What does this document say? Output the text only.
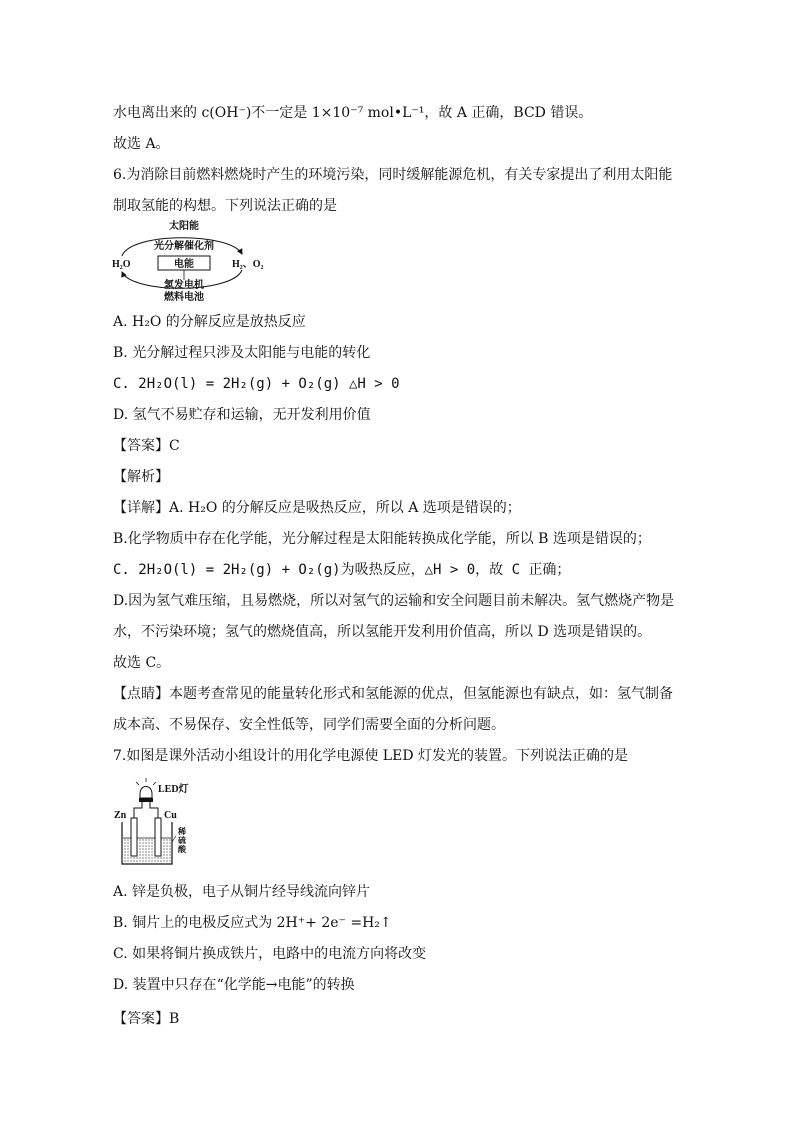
水电离出来的 c(OH⁻)不一定是 1×10⁻⁷ mol•L⁻¹，故 A 正确，BCD 错误。
故选 A。
6.为消除目前燃料燃烧时产生的环境污染，同时缓解能源危机，有关专家提出了利用太阳能
制取氢能的构想。下列说法正确的是
太阳能
光分解催化剂
电能
H₂O	H₂、O₂
氢发电机
燃料电池
A. H₂O 的分解反应是放热反应
B. 光分解过程只涉及太阳能与电能的转化
C. 2H₂O(l) = 2H₂(g) + O₂(g) △H > 0
D. 氢气不易贮存和运输，无开发利用价值
【答案】C
【解析】
【详解】A. H₂O 的分解反应是吸热反应，所以 A 选项是错误的；
B.化学物质中存在化学能，光分解过程是太阳能转换成化学能，所以 B 选项是错误的；
C. 2H₂O(l) = 2H₂(g) + O₂(g)为吸热反应，△H > 0，故 C 正确；
D.因为氢气难压缩，且易燃烧，所以对氢气的运输和安全问题目前未解决。氢气燃烧产物是
水，不污染环境；氢气的燃烧值高，所以氢能开发利用价值高，所以 D 选项是错误的。
故选 C。
【点睛】本题考查常见的能量转化形式和氢能源的优点，但氢能源也有缺点，如：氢气制备
成本高、不易保存、安全性低等，同学们需要全面的分析问题。
7.如图是课外活动小组设计的用化学电源使 LED 灯发光的装置。下列说法正确的是
LED灯
Zn	Cu
稀
硫
酸
A. 锌是负极，电子从铜片经导线流向锌片
B. 铜片上的电极反应式为 2H⁺+ 2e⁻ =H₂↑
C. 如果将铜片换成铁片，电路中的电流方向将改变
D. 装置中只存在“化学能→电能”的转换
【答案】B
